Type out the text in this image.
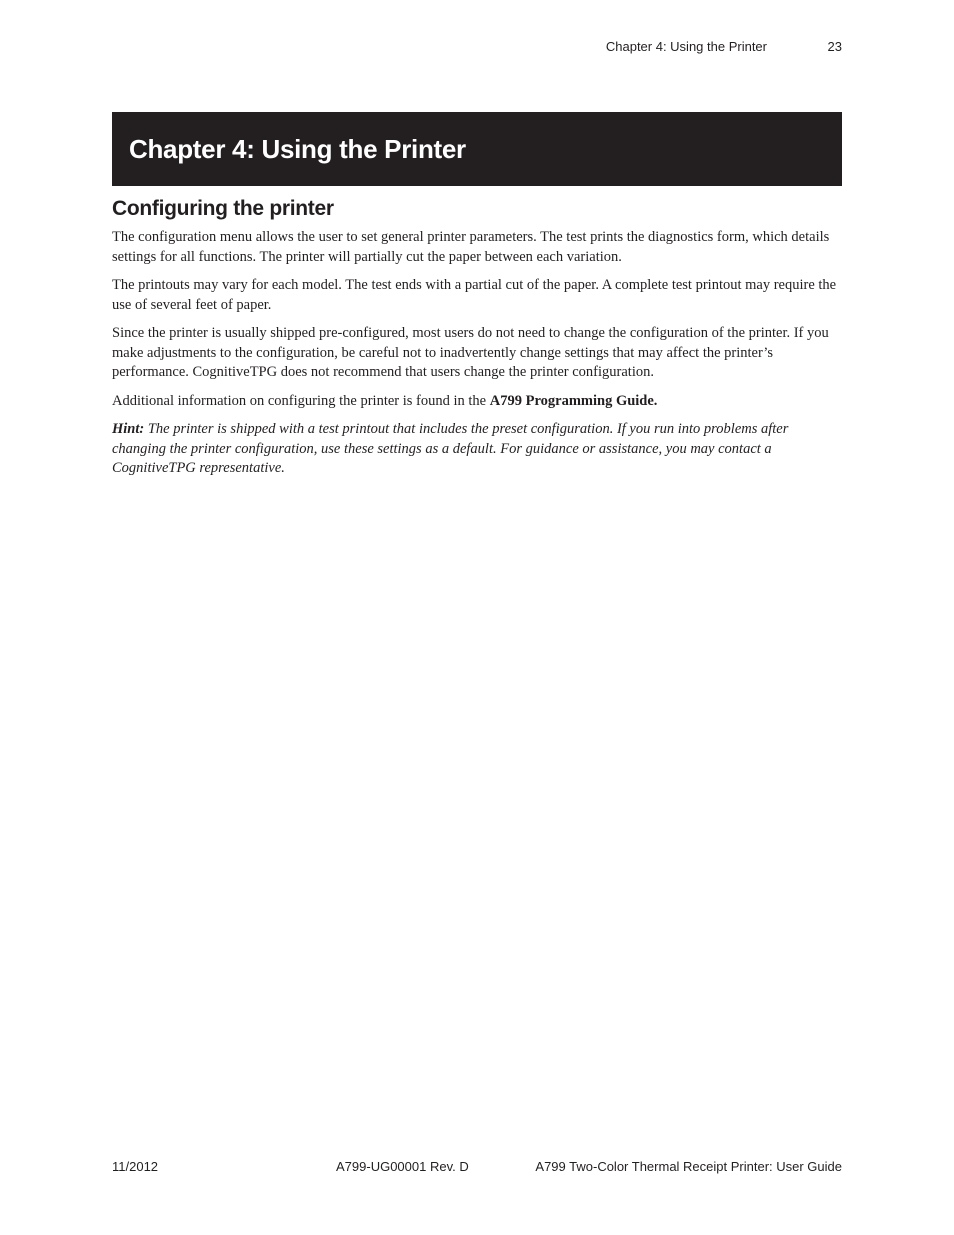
Chapter 4: Using the Printer	23
Chapter 4: Using the Printer
Configuring the printer

The configuration menu allows the user to set general printer parameters. The test prints the diagnostics form, which details settings for all functions. The printer will partially cut the paper between each variation.

The printouts may vary for each model. The test ends with a partial cut of the paper. A complete test printout may require the use of several feet of paper.

Since the printer is usually shipped pre-configured, most users do not need to change the configuration of the printer. If you make adjustments to the configuration, be careful not to inadvertently change settings that may affect the printer’s performance. CognitiveTPG does not recommend that users change the printer configuration.

Additional information on configuring the printer is found in the A799 Programming Guide.

Hint: The printer is shipped with a test printout that includes the preset configuration. If you run into problems after changing the printer configuration, use these settings as a default. For guidance or assistance, you may contact a CognitiveTPG representative.

11/2012	A799-UG00001 Rev. D	A799 Two-Color Thermal Receipt Printer: User Guide
